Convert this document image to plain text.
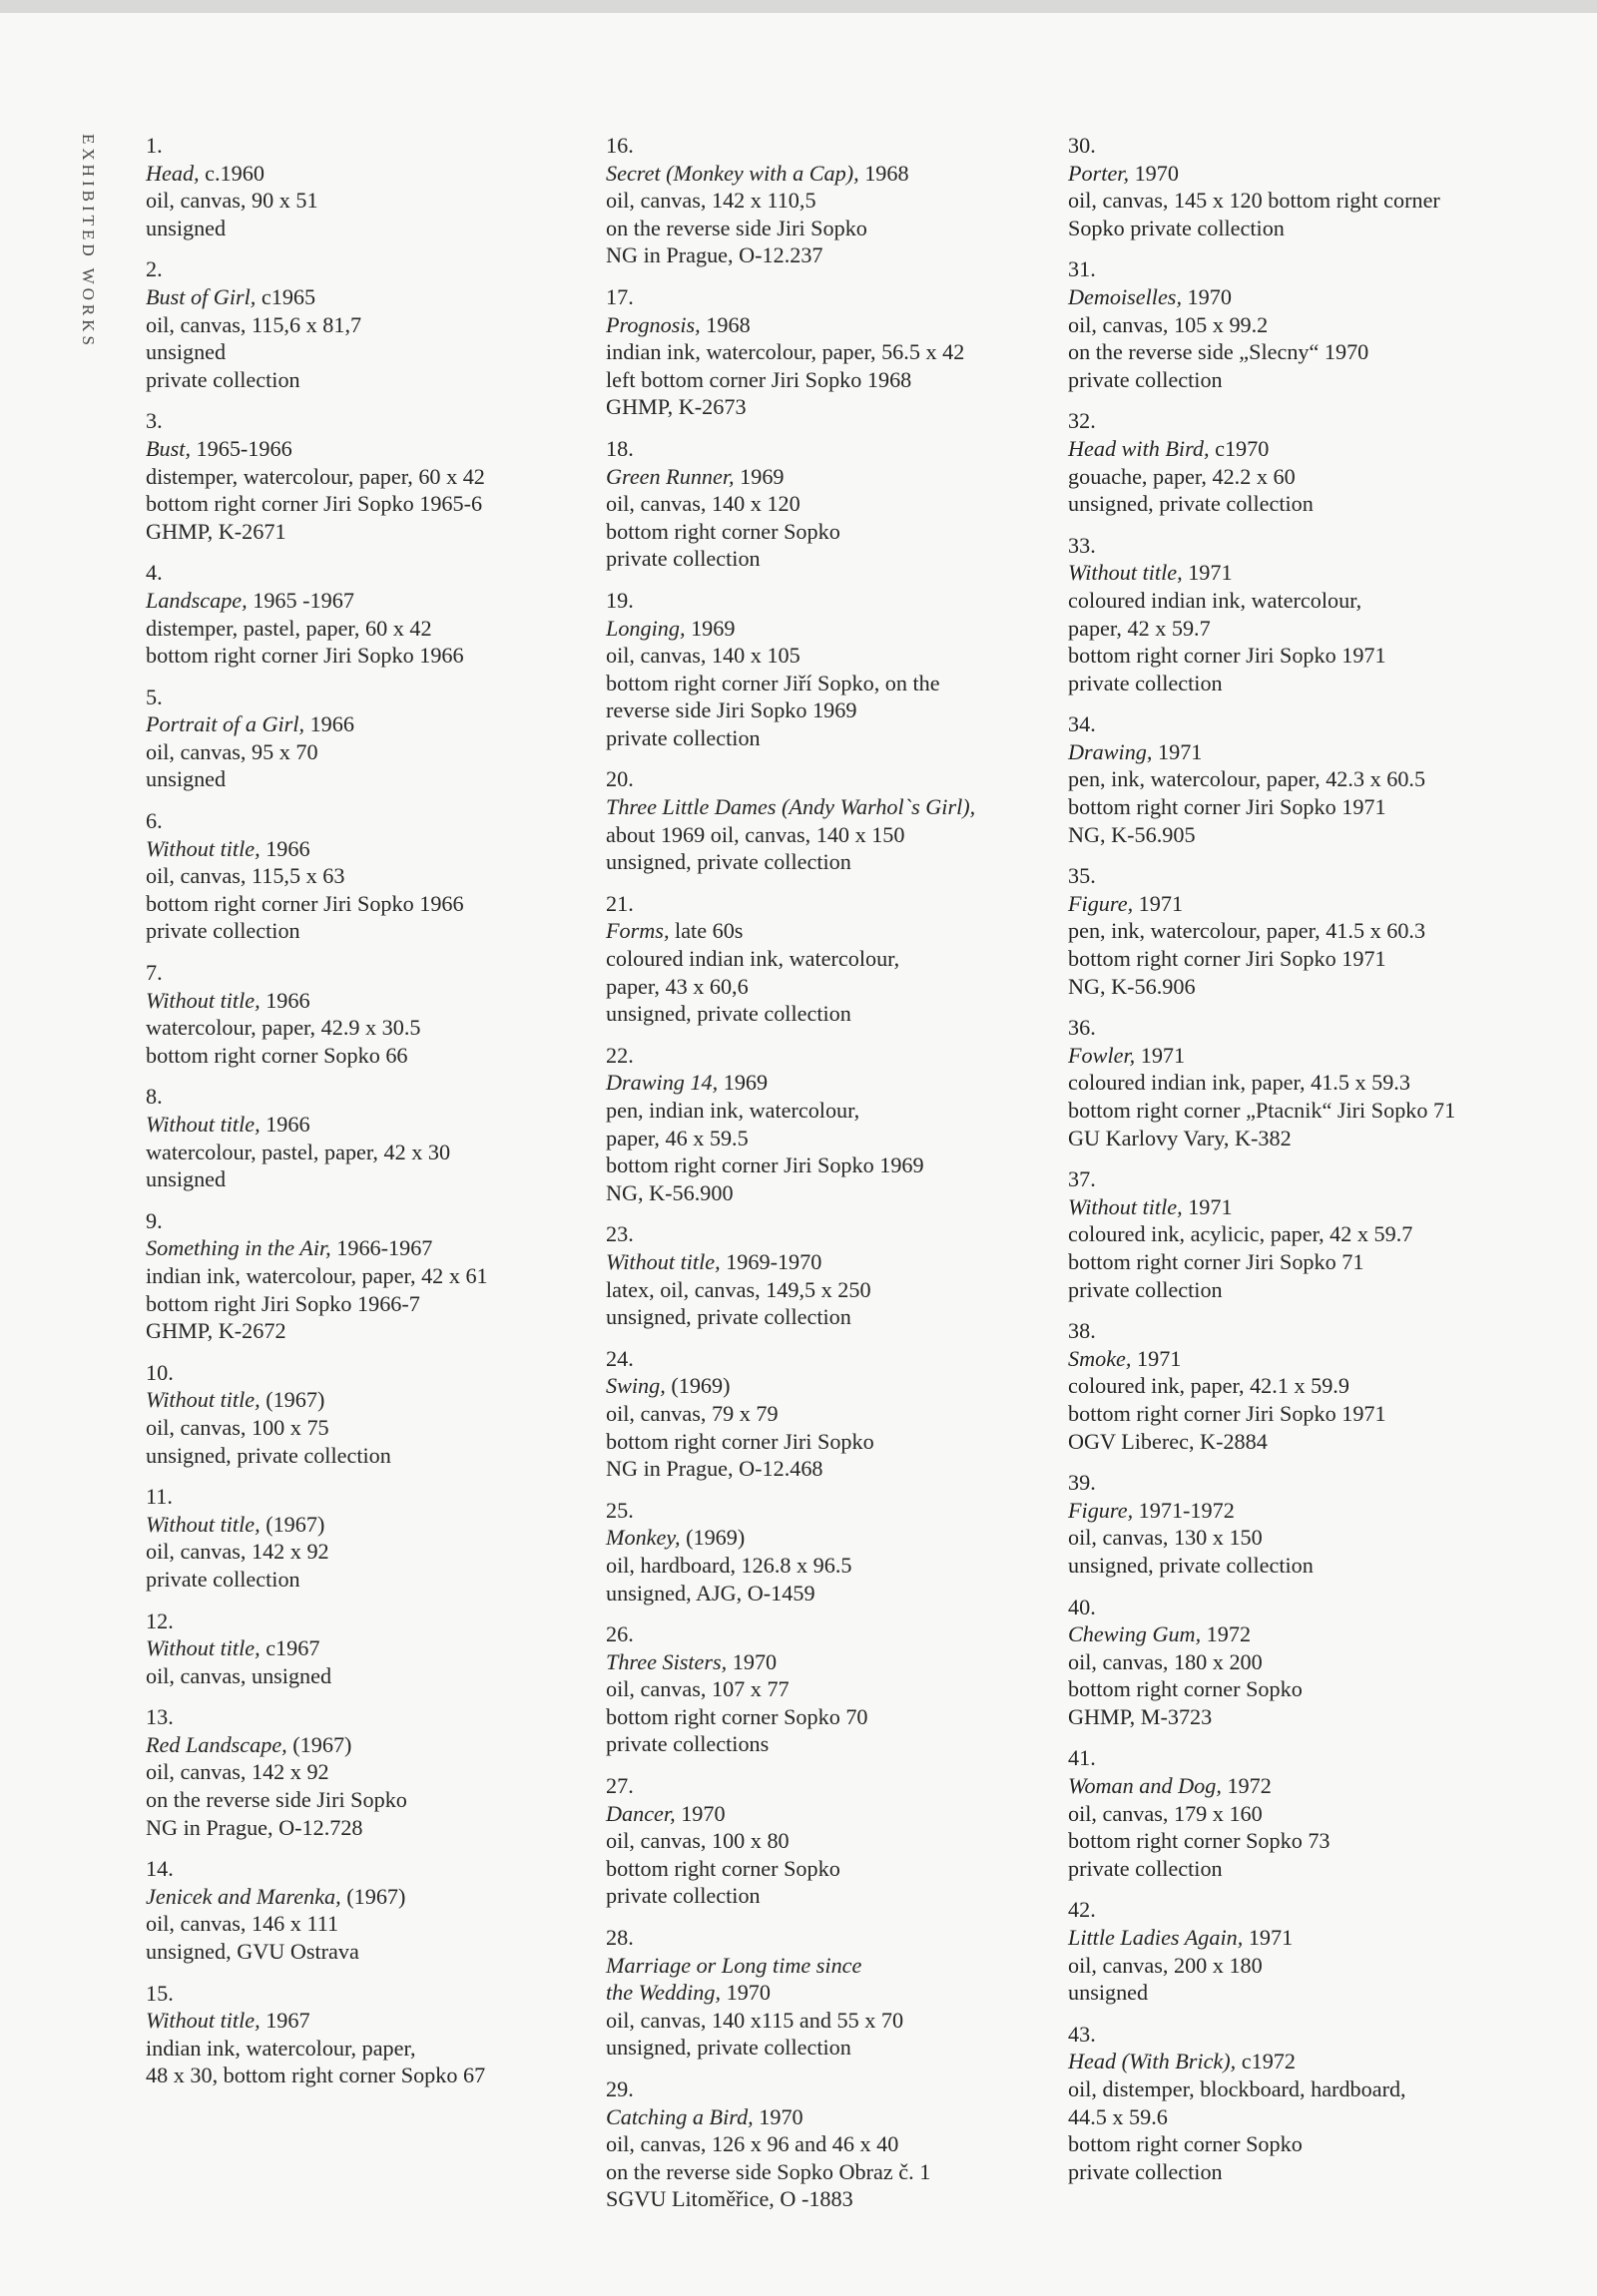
EXHIBITED WORKS 1.
Head, c.1960
oil, canvas, 90 x 51
unsigned
2.
Bust of Girl, c1965
oil, canvas, 115,6 x 81,7
unsigned
private collection
3.
Bust, 1965-1966
distemper, watercolour, paper, 60 x 42
bottom right corner Jiri Sopko 1965-6
GHMP, K-2671
4.
Landscape, 1965 -1967
distemper, pastel, paper, 60 x 42
bottom right corner Jiri Sopko 1966
5.
Portrait of a Girl, 1966
oil, canvas, 95 x 70
unsigned
6.
Without title, 1966
oil, canvas, 115,5 x 63
bottom right corner Jiri Sopko 1966
private collection
7.
Without title, 1966
watercolour, paper, 42.9 x 30.5
bottom right corner Sopko 66
8.
Without title, 1966
watercolour, pastel, paper, 42 x 30
unsigned
9.
Something in the Air, 1966-1967
indian ink, watercolour, paper, 42 x 61
bottom right Jiri Sopko 1966-7
GHMP, K-2672
10.
Without title, (1967)
oil, canvas, 100 x 75
unsigned, private collection
11.
Without title, (1967)
oil, canvas, 142 x 92
private collection
12.
Without title, c1967
oil, canvas, unsigned
13.
Red Landscape, (1967)
oil, canvas, 142 x 92
on the reverse side Jiri Sopko
NG in Prague, O-12.728
14.
Jenicek and Marenka, (1967)
oil, canvas, 146 x 111
unsigned, GVU Ostrava
15.
Without title, 1967
indian ink, watercolour, paper,
48 x 30, bottom right corner Sopko 67
16.
Secret (Monkey with a Cap), 1968
oil, canvas, 142 x 110,5
on the reverse side Jiri Sopko
NG in Prague, O-12.237
17.
Prognosis, 1968
indian ink, watercolour, paper, 56.5 x 42
left bottom corner Jiri Sopko 1968
GHMP, K-2673
18.
Green Runner, 1969
oil, canvas, 140 x 120
bottom right corner Sopko
private collection
19.
Longing, 1969
oil, canvas, 140 x 105
bottom right corner Jiří Sopko, on the
reverse side Jiri Sopko 1969
private collection
20.
Three Little Dames (Andy Warhol`s Girl),
about 1969 oil, canvas, 140 x 150
unsigned, private collection
21.
Forms, late 60s
coloured indian ink, watercolour,
paper, 43 x 60,6
unsigned, private collection
22.
Drawing 14, 1969
pen, indian ink, watercolour,
paper, 46 x 59.5
bottom right corner Jiri Sopko 1969
NG, K-56.900
23.
Without title, 1969-1970
latex, oil, canvas, 149,5 x 250
unsigned, private collection
24.
Swing, (1969)
oil, canvas, 79 x 79
bottom right corner Jiri Sopko
NG in Prague, O-12.468
25.
Monkey, (1969)
oil, hardboard, 126.8 x 96.5
unsigned, AJG, O-1459
26.
Three Sisters, 1970
oil, canvas, 107 x 77
bottom right corner Sopko 70
private collections
27.
Dancer, 1970
oil, canvas, 100 x 80
bottom right corner Sopko
private collection
28.
Marriage or Long time since
the Wedding, 1970
oil, canvas, 140 x115 and 55 x 70
unsigned, private collection
29.
Catching a Bird, 1970
oil, canvas, 126 x 96 and 46 x 40
on the reverse side Sopko Obraz č. 1
SGVU Litoměřice, O -1883
30.
Porter, 1970
oil, canvas, 145 x 120 bottom right corner
Sopko private collection
31.
Demoiselles, 1970
oil, canvas, 105 x 99.2
on the reverse side „Slecny“ 1970
private collection
32.
Head with Bird, c1970
gouache, paper, 42.2 x 60
unsigned, private collection
33.
Without title, 1971
coloured indian ink, watercolour,
paper, 42 x 59.7
bottom right corner Jiri Sopko 1971
private collection
34.
Drawing, 1971
pen, ink, watercolour, paper, 42.3 x 60.5
bottom right corner Jiri Sopko 1971
NG, K-56.905
35.
Figure, 1971
pen, ink, watercolour, paper, 41.5 x 60.3
bottom right corner Jiri Sopko 1971
NG, K-56.906
36.
Fowler, 1971
coloured indian ink, paper, 41.5 x 59.3
bottom right corner „Ptacnik“ Jiri Sopko 71
GU Karlovy Vary, K-382
37.
Without title, 1971
coloured ink, acylicic, paper, 42 x 59.7
bottom right corner Jiri Sopko 71
private collection
38.
Smoke, 1971
coloured ink, paper, 42.1 x 59.9
bottom right corner Jiri Sopko 1971
OGV Liberec, K-2884
39.
Figure, 1971-1972
oil, canvas, 130 x 150
unsigned, private collection
40.
Chewing Gum, 1972
oil, canvas, 180 x 200
bottom right corner Sopko
GHMP, M-3723
41.
Woman and Dog, 1972
oil, canvas, 179 x 160
bottom right corner Sopko 73
private collection
42.
Little Ladies Again, 1971
oil, canvas, 200 x 180
unsigned
43.
Head (With Brick), c1972
oil, distemper, blockboard, hardboard,
44.5 x 59.6
bottom right corner Sopko
private collection
